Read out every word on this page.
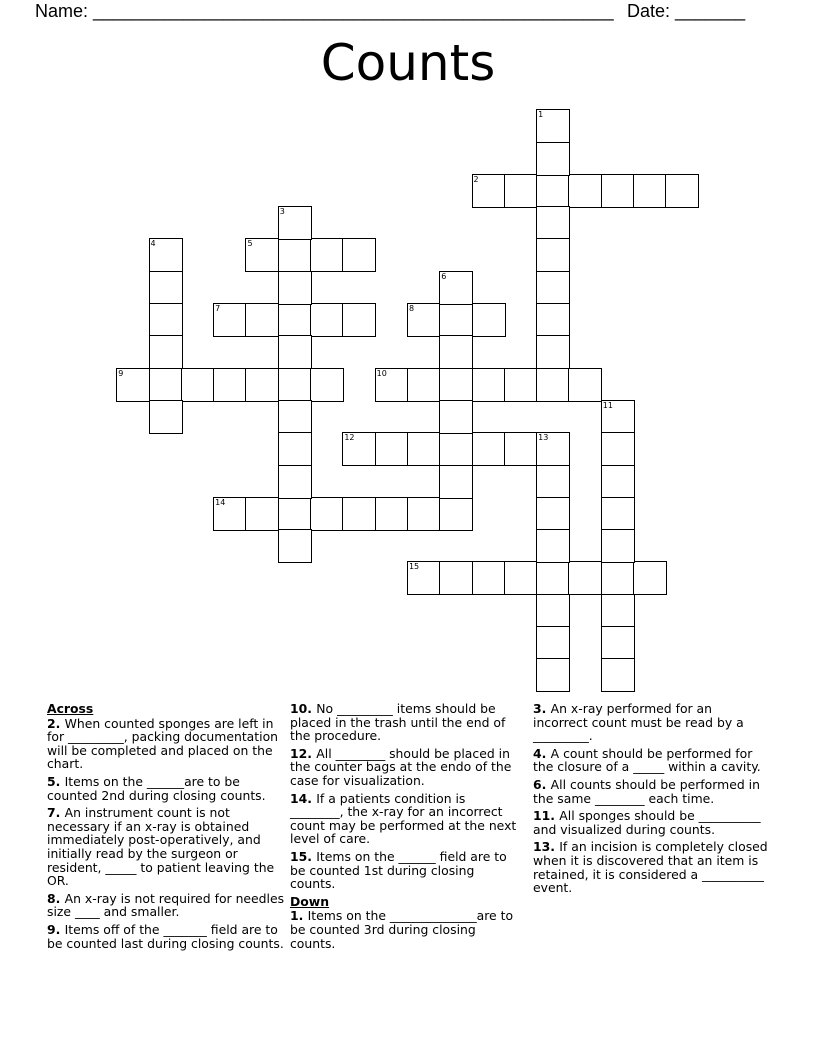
Name: ____________________________________________________ Date: _______
Counts
2
5
7	8
9	10
12	13
14
15
1
3
4
6
11
Across
2. When counted sponges are left in for _________, packing documentation will be completed and placed on the chart.
5. Items on the ______are to be counted 2nd during closing counts.
7. An instrument count is not necessary if an x-ray is obtained immediately post-operatively, and initially read by the surgeon or resident, _____ to patient leaving the OR.
8. An x-ray is not required for needles size ____ and smaller.
9. Items off of the _______ field are to be counted last during closing counts.
10. No _________ items should be placed in the trash until the end of the procedure.
12. All ________ should be placed in the counter bags at the endo of the case for visualization.
14. If a patients condition is ________, the x-ray for an incorrect count may be performed at the next level of care.
15. Items on the ______ field are to be counted 1st during closing counts.
Down
1. Items on the ______________are to be counted 3rd during closing counts.
3. An x-ray performed for an incorrect count must be read by a _________.
4. A count should be performed for the closure of a _____ within a cavity.
6. All counts should be performed in the same ________ each time.
11. All sponges should be __________ and visualized during counts.
13. If an incision is completely closed when it is discovered that an item is retained, it is considered a __________ event.
